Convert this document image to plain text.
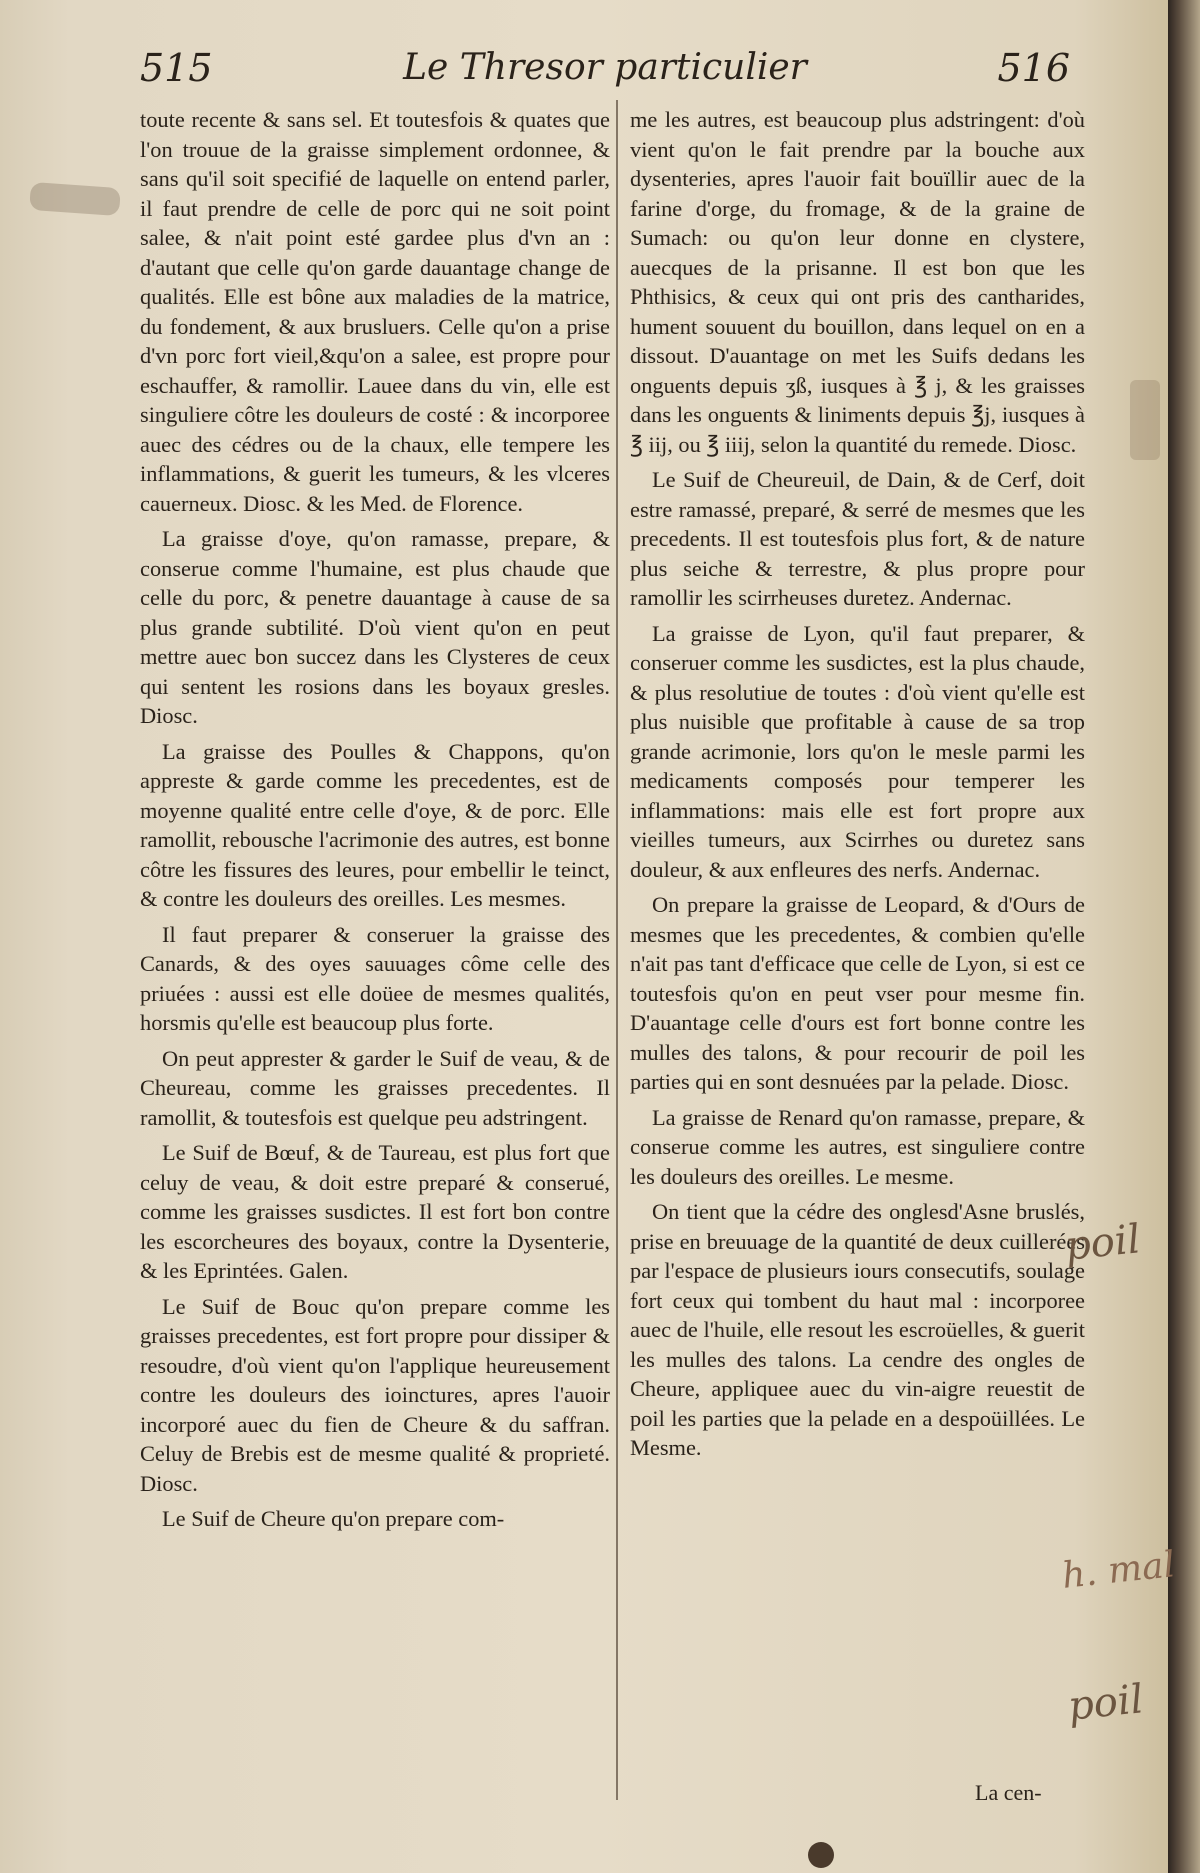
515	Le Thresor particulier	516

toute recente & sans sel. Et toutesfois & quates que l'on trouue de la graisse simplement ordonnee, & sans qu'il soit specifié de laquelle on entend parler, il faut prendre de celle de porc qui ne soit point salee, & n'ait point esté gardee plus d'vn an : d'autant que celle qu'on garde dauantage change de qualités. Elle est bône aux maladies de la matrice, du fondement, & aux brusluers. Celle qu'on a prise d'vn porc fort vieil,&qu'on a salee, est propre pour eschauffer, & ramollir. Lauee dans du vin, elle est singuliere côtre les douleurs de costé : & incorporee auec des cédres ou de la chaux, elle tempere les inflammations, & guerit les tumeurs, & les vlceres cauerneux. Diosc. & les Med. de Florence.

La graisse d'oye, qu'on ramasse, prepare, & conserue comme l'humaine, est plus chaude que celle du porc, & penetre dauantage à cause de sa plus grande subtilité. D'où vient qu'on en peut mettre auec bon succez dans les Clysteres de ceux qui sentent les rosions dans les boyaux gresles. Diosc.

La graisse des Poulles & Chappons, qu'on appreste & garde comme les precedentes, est de moyenne qualité entre celle d'oye, & de porc. Elle ramollit, rebousche l'acrimonie des autres, est bonne côtre les fissures des leures, pour embellir le teinct, & contre les douleurs des oreilles. Les mesmes.

Il faut preparer & conseruer la graisse des Canards, & des oyes sauuages côme celle des priuées : aussi est elle doüee de mesmes qualités, horsmis qu'elle est beaucoup plus forte.

On peut apprester & garder le Suif de veau, & de Cheureau, comme les graisses precedentes. Il ramollit, & toutesfois est quelque peu adstringent.

Le Suif de Bœuf, & de Taureau, est plus fort que celuy de veau, & doit estre preparé & conserué, comme les graisses susdictes. Il est fort bon contre les escorcheures des boyaux, contre la Dysenterie, & les Eprintées. Galen.

Le Suif de Bouc qu'on prepare comme les graisses precedentes, est fort propre pour dissiper & resoudre, d'où vient qu'on l'applique heureusement contre les douleurs des ioinctures, apres l'auoir incorporé auec du fien de Cheure & du saffran. Celuy de Brebis est de mesme qualité & proprieté. Diosc.

Le Suif de Cheure qu'on prepare com-

me les autres, est beaucoup plus adstringent: d'où vient qu'on le fait prendre par la bouche aux dysenteries, apres l'auoir fait bouïllir auec de la farine d'orge, du fromage, & de la graine de Sumach: ou qu'on leur donne en clystere, auecques de la prisanne. Il est bon que les Phthisics, & ceux qui ont pris des cantharides, hument souuent du bouillon, dans lequel on en a dissout. D'auantage on met les Suifs dedans les onguents depuis ʒß, iusques à ℥ j, & les graisses dans les onguents & liniments depuis ℥j, iusques à ℥ iij, ou ℥ iiij, selon la quantité du remede. Diosc.

Le Suif de Cheureuil, de Dain, & de Cerf, doit estre ramassé, preparé, & serré de mesmes que les precedents. Il est toutesfois plus fort, & de nature plus seiche & terrestre, & plus propre pour ramollir les scirrheuses duretez. Andernac.

La graisse de Lyon, qu'il faut preparer, & conseruer comme les susdictes, est la plus chaude, & plus resolutiue de toutes : d'où vient qu'elle est plus nuisible que profitable à cause de sa trop grande acrimonie, lors qu'on le mesle parmi les medicaments composés pour temperer les inflammations: mais elle est fort propre aux vieilles tumeurs, aux Scirrhes ou duretez sans douleur, & aux enfleures des nerfs. Andernac.

On prepare la graisse de Leopard, & d'Ours de mesmes que les precedentes, & combien qu'elle n'ait pas tant d'efficace que celle de Lyon, si est ce toutesfois qu'on en peut vser pour mesme fin. D'auantage celle d'ours est fort bonne contre les mulles des talons, & pour recourir de poil les parties qui en sont desnuées par la pelade. Diosc.

La graisse de Renard qu'on ramasse, prepare, & conserue comme les autres, est singuliere contre les douleurs des oreilles. Le mesme.

On tient que la cédre des onglesd'Asne bruslés, prise en breuuage de la quantité de deux cuillerées par l'espace de plusieurs iours consecutifs, soulage fort ceux qui tombent du haut mal : incorporee auec de l'huile, elle resout les escroüelles, & guerit les mulles des talons. La cendre des ongles de Cheure, appliquee auec du vin-aigre reuestit de poil les parties que la pelade en a despoüillées. Le Mesme.

La cen-
poil
h. mal
poil
